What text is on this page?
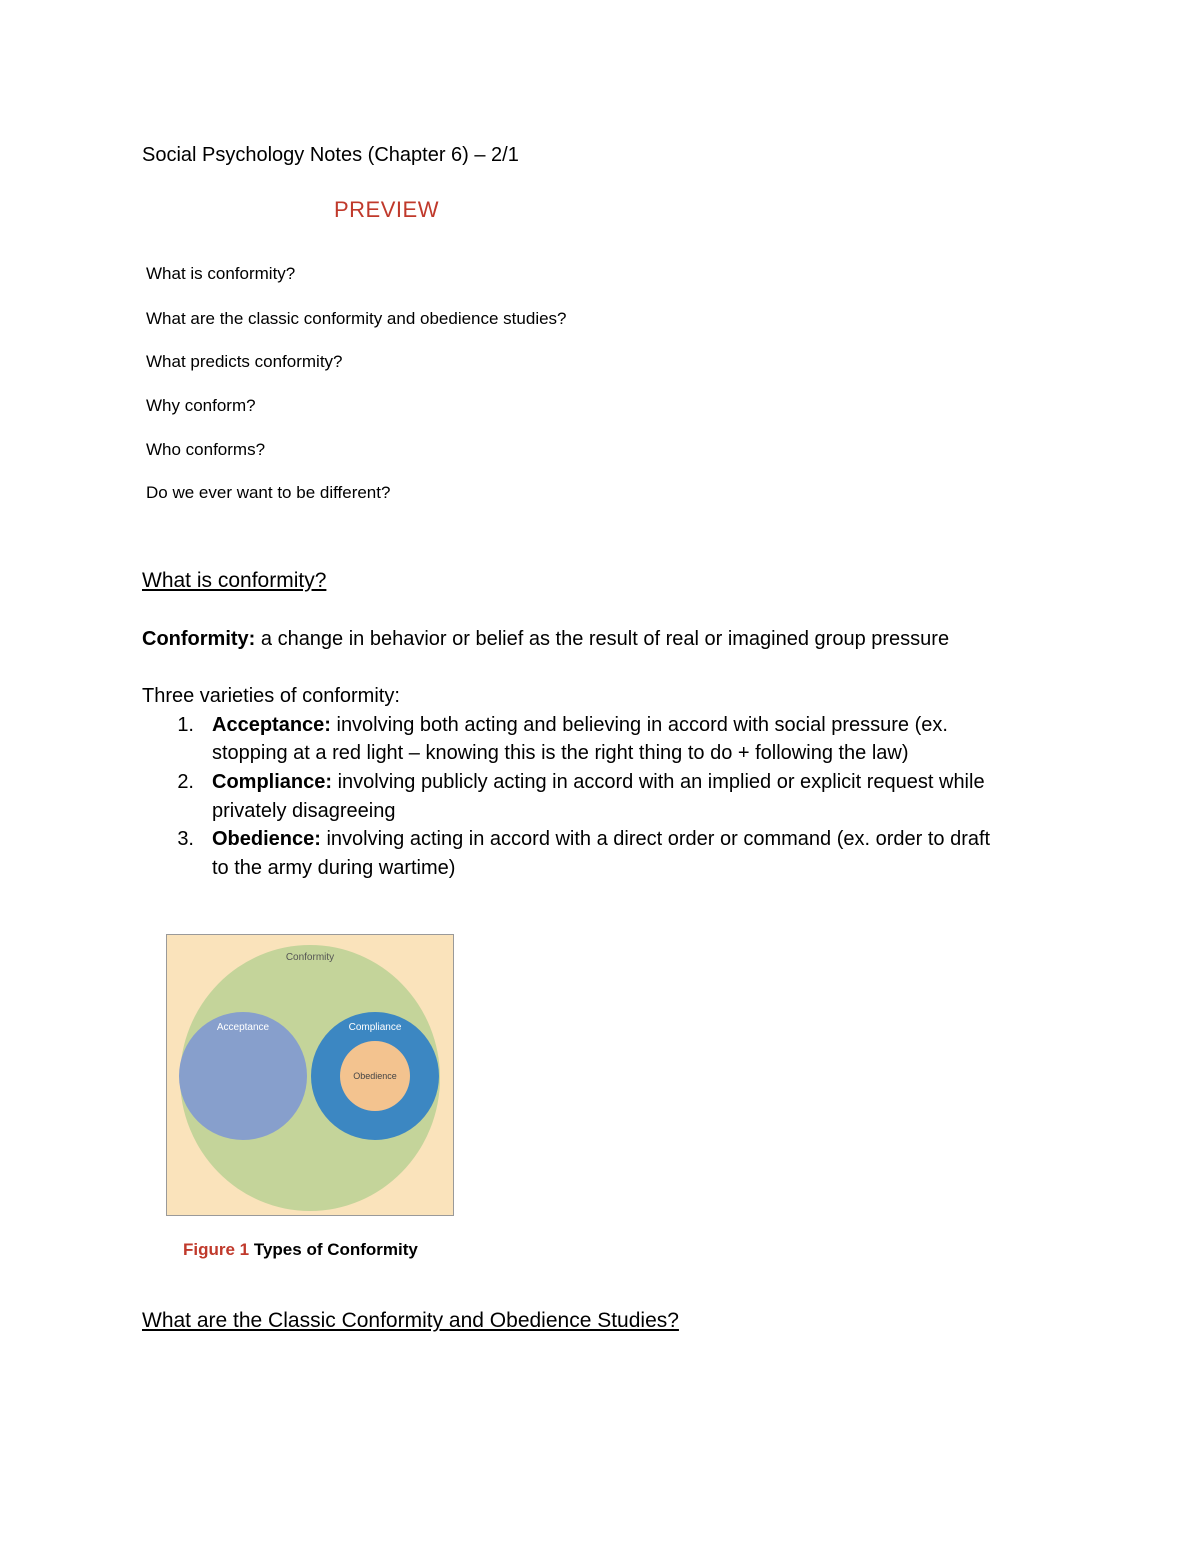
Social Psychology Notes (Chapter 6) – 2/1
PREVIEW
What is conformity?
What are the classic conformity and obedience studies?
What predicts conformity?
Why conform?
Who conforms?
Do we ever want to be different?
What is conformity?
Conformity: a change in behavior or belief as the result of real or imagined group pressure
Three varieties of conformity:
1. Acceptance: involving both acting and believing in accord with social pressure (ex.
stopping at a red light – knowing this is the right thing to do + following the law)
2. Compliance: involving publicly acting in accord with an implied or explicit request while
privately disagreeing
3. Obedience: involving acting in accord with a direct order or command (ex. order to draft
to the army during wartime)
Conformity
Acceptance	Compliance
Obedience
Figure 1 Types of Conformity
What are the Classic Conformity and Obedience Studies?
